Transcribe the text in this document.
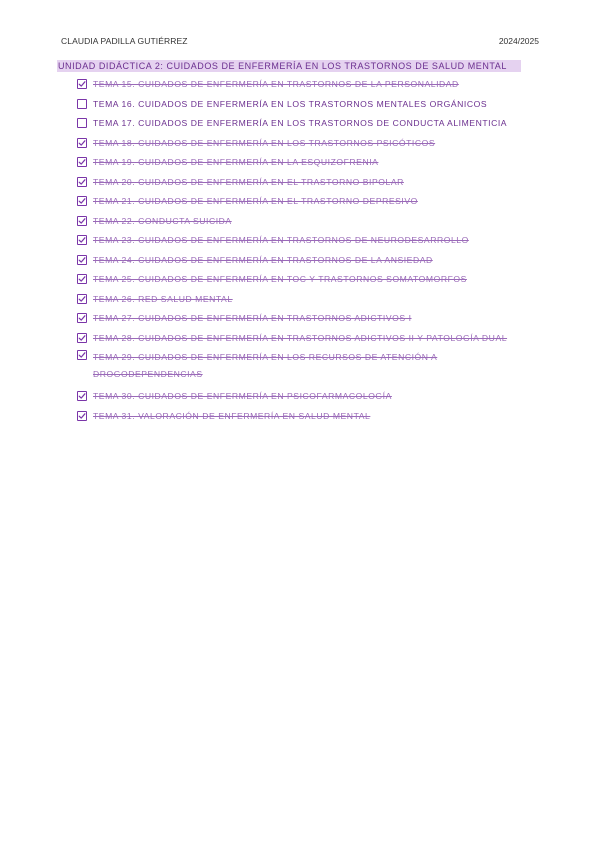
CLAUDIA PADILLA GUTIÉRREZ	2024/2025
UNIDAD DIDÁCTICA 2: CUIDADOS DE ENFERMERÍA EN LOS TRASTORNOS DE SALUD MENTAL
TEMA 15. CUIDADOS DE ENFERMERÍA EN TRASTORNOS DE LA PERSONALIDAD
TEMA 16. CUIDADOS DE ENFERMERÍA EN LOS TRASTORNOS MENTALES ORGÁNICOS
TEMA 17. CUIDADOS DE ENFERMERÍA EN LOS TRASTORNOS DE CONDUCTA ALIMENTICIA
TEMA 18. CUIDADOS DE ENFERMERÍA EN LOS TRASTORNOS PSICÓTICOS
TEMA 19. CUIDADOS DE ENFERMERÍA EN LA ESQUIZOFRENIA
TEMA 20. CUIDADOS DE ENFERMERÍA EN EL TRASTORNO BIPOLAR
TEMA 21. CUIDADOS DE ENFERMERÍA EN EL TRASTORNO DEPRESIVO
TEMA 22. CONDUCTA SUICIDA
TEMA 23. CUIDADOS DE ENFERMERÍA EN TRASTORNOS DE NEURODESARROLLO
TEMA 24. CUIDADOS DE ENFERMERÍA EN TRASTORNOS DE LA ANSIEDAD
TEMA 25. CUIDADOS DE ENFERMERÍA EN TOC Y TRASTORNOS SOMATOMORFOS
TEMA 26. RED SALUD MENTAL
TEMA 27. CUIDADOS DE ENFERMERÍA EN TRASTORNOS ADICTIVOS I
TEMA 28. CUIDADOS DE ENFERMERÍA EN TRASTORNOS ADICTIVOS II Y PATOLOGÍA DUAL
TEMA 29. CUIDADOS DE ENFERMERÍA EN LOS RECURSOS DE ATENCIÓN A DROGODEPENDENCIAS
TEMA 30. CUIDADOS DE ENFERMERÍA EN PSICOFARMACOLOGÍA
TEMA 31. VALORACIÓN DE ENFERMERÍA EN SALUD MENTAL
